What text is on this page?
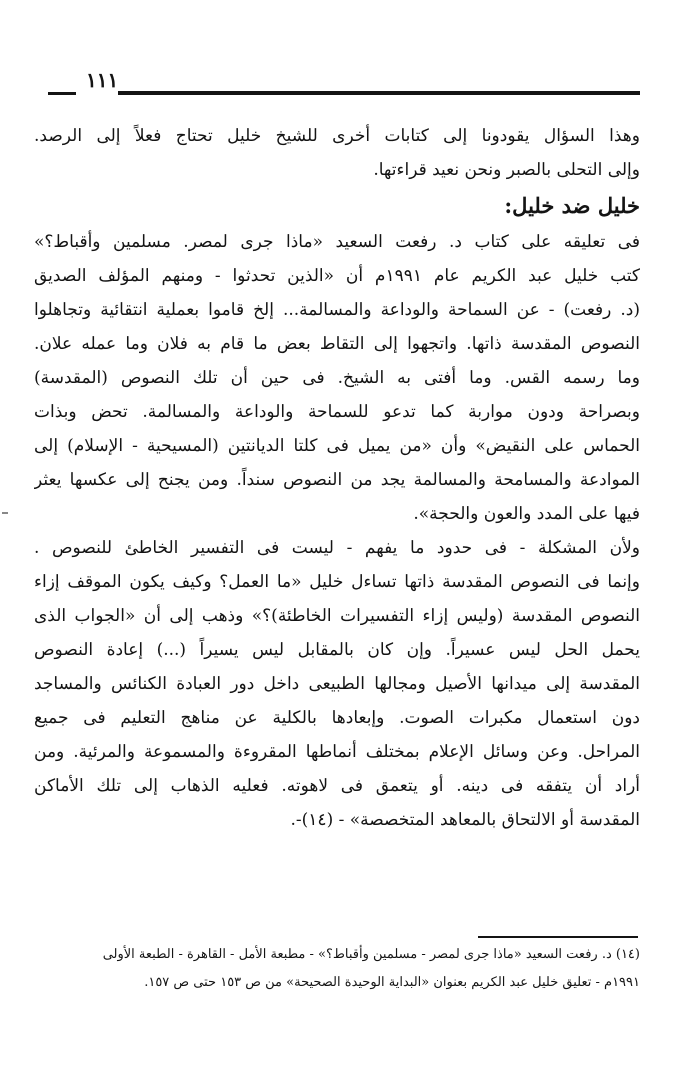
١١١
وهذا السؤال يقودونا إلى كتابات أخرى للشيخ خليل تحتاج فعلاً إلى الرصد.
وإلى التحلى بالصبر ونحن نعيد قراءتها.
خليل ضد خليل:
فى تعليقه على كتاب د. رفعت السعيد «ماذا جرى لمصر. مسلمين وأقباط؟»
كتب خليل عبد الكريم عام ١٩٩١م أن «الذين تحدثوا - ومنهم المؤلف الصديق
(د. رفعت) - عن السماحة والوداعة والمسالمة... إلخ قاموا بعملية انتقائية وتجاهلوا
النصوص المقدسة ذاتها. واتجهوا إلى التقاط بعض ما قام به فلان وما عمله علان.
وما رسمه القس. وما أفتى به الشيخ. فى حين أن تلك النصوص (المقدسة)
وبصراحة ودون مواربة كما تدعو للسماحة والوداعة والمسالمة. تحض وبذات
الحماس على النقيض» وأن «من يميل فى كلتا الديانتين (المسيحية - الإسلام) إلى
الموادعة والمسامحة والمسالمة يجد من النصوص سنداً. ومن يجنح إلى عكسها يعثر
فيها على المدد والعون والحجة».
ولأن المشكلة - فى حدود ما يفهم - ليست فى التفسير الخاطئ للنصوص .
وإنما فى النصوص المقدسة ذاتها تساءل خليل «ما العمل؟ وكيف يكون الموقف إزاء
النصوص المقدسة (وليس إزاء التفسيرات الخاطئة)؟» وذهب إلى أن «الجواب الذى
يحمل الحل ليس عسيراً. وإن كان بالمقابل ليس يسيراً (...) إعادة النصوص
المقدسة إلى ميدانها الأصيل ومجالها الطبيعى داخل دور العبادة الكنائس والمساجد
دون استعمال مكبرات الصوت. وإبعادها بالكلية عن مناهج التعليم فى جميع
المراحل. وعن وسائل الإعلام بمختلف أنماطها المقروءة والمسموعة والمرئية. ومن
أراد أن يتفقه فى دينه. أو يتعمق فى لاهوته. فعليه الذهاب إلى تلك الأماكن
المقدسة أو الالتحاق بالمعاهد المتخصصة» - (١٤)-.
(١٤) د. رفعت السعيد «ماذا جرى لمصر - مسلمين وأقباط؟» - مطبعة الأمل - القاهرة - الطبعة الأولى
١٩٩١م - تعليق خليل عبد الكريم بعنوان «البداية الوحيدة الصحيحة» من ص ١٥٣ حتى ص ١٥٧.
